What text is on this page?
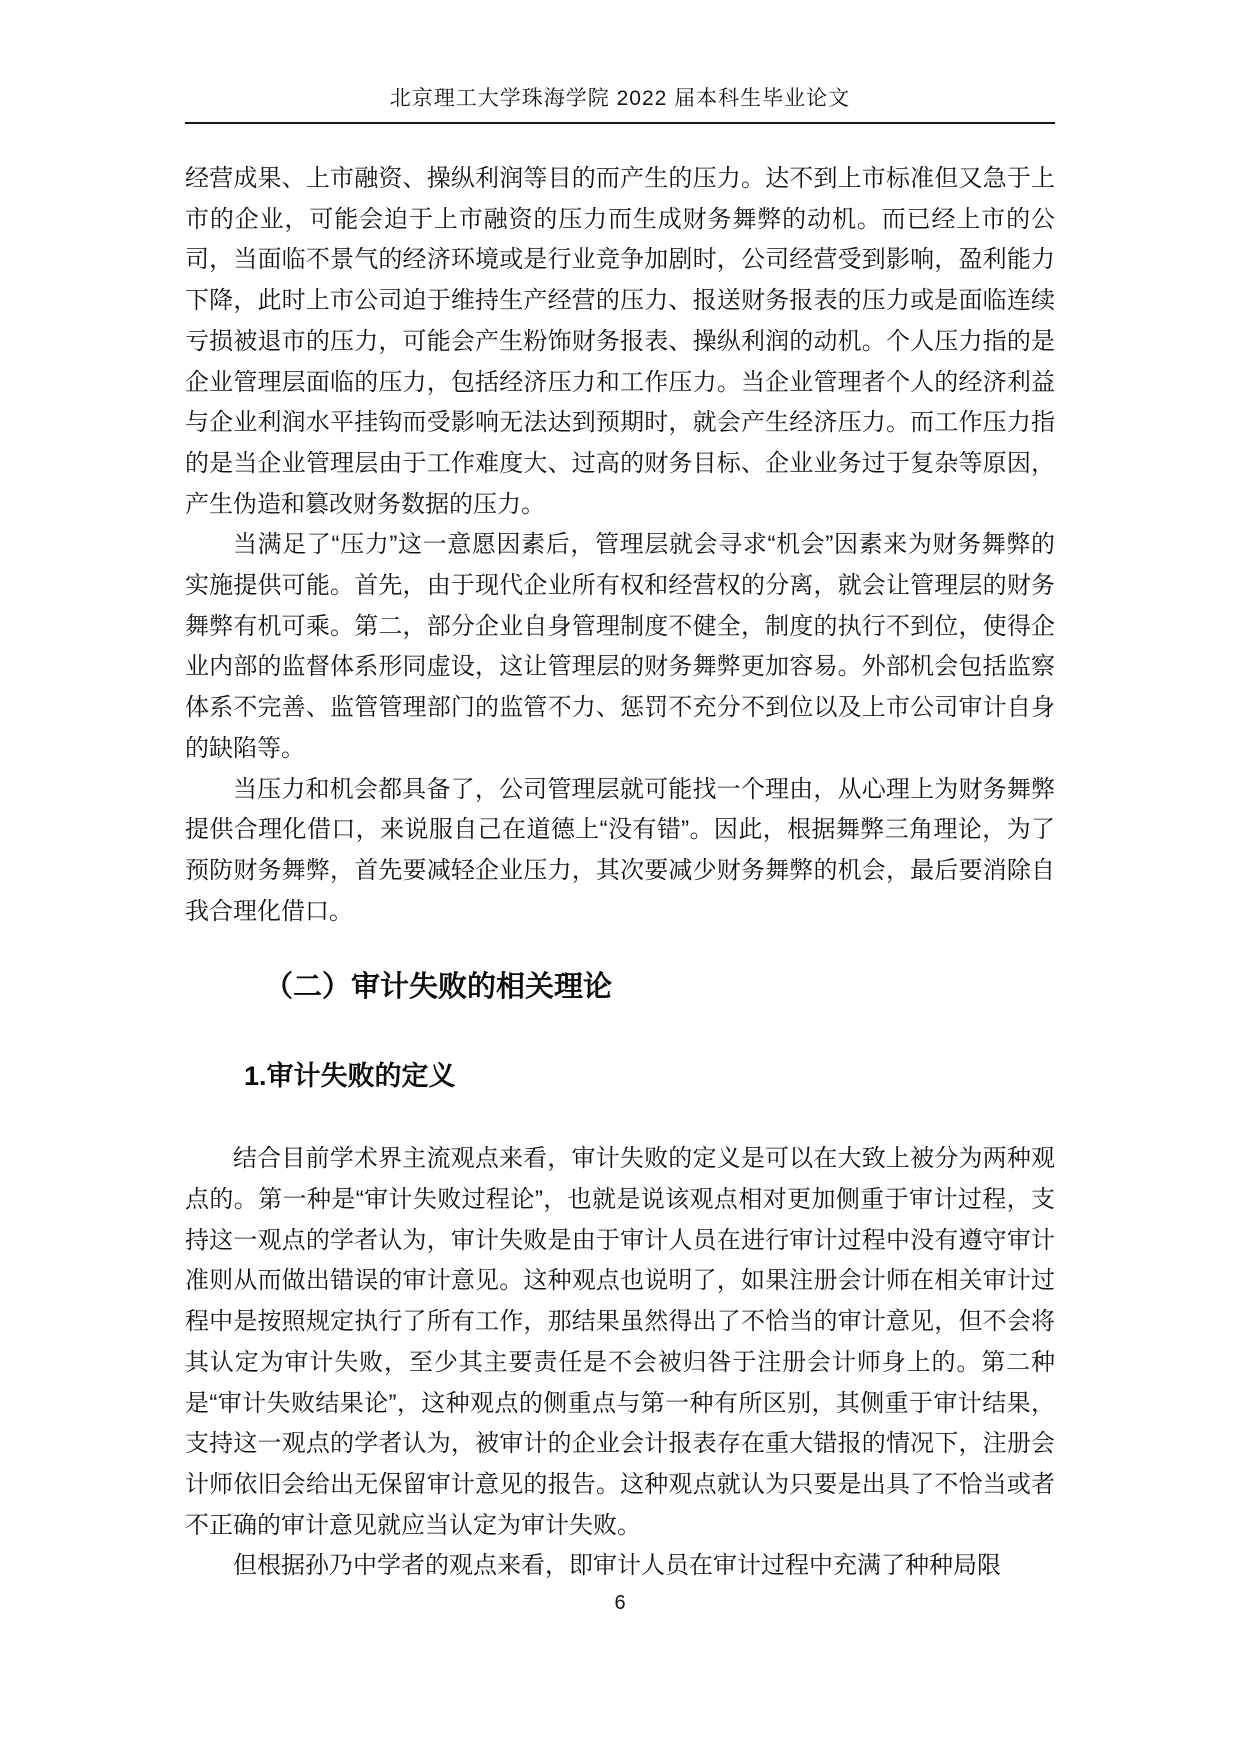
北京理工大学珠海学院 2022 届本科生毕业论文

经营成果、上市融资、操纵利润等目的而产生的压力。达不到上市标准但又急于上市的企业，可能会迫于上市融资的压力而生成财务舞弊的动机。而已经上市的公司，当面临不景气的经济环境或是行业竞争加剧时，公司经营受到影响，盈利能力下降，此时上市公司迫于维持生产经营的压力、报送财务报表的压力或是面临连续亏损被退市的压力，可能会产生粉饰财务报表、操纵利润的动机。个人压力指的是企业管理层面临的压力，包括经济压力和工作压力。当企业管理者个人的经济利益与企业利润水平挂钩而受影响无法达到预期时，就会产生经济压力。而工作压力指的是当企业管理层由于工作难度大、过高的财务目标、企业业务过于复杂等原因，产生伪造和篡改财务数据的压力。

当满足了“压力”这一意愿因素后，管理层就会寻求“机会”因素来为财务舞弊的实施提供可能。首先，由于现代企业所有权和经营权的分离，就会让管理层的财务舞弊有机可乘。第二，部分企业自身管理制度不健全，制度的执行不到位，使得企业内部的监督体系形同虚设，这让管理层的财务舞弊更加容易。外部机会包括监察体系不完善、监管管理部门的监管不力、惩罚不充分不到位以及上市公司审计自身的缺陷等。

当压力和机会都具备了，公司管理层就可能找一个理由，从心理上为财务舞弊提供合理化借口，来说服自己在道德上“没有错”。因此，根据舞弊三角理论，为了预防财务舞弊，首先要减轻企业压力，其次要减少财务舞弊的机会，最后要消除自我合理化借口。

（二）审计失败的相关理论
1.审计失败的定义

结合目前学术界主流观点来看，审计失败的定义是可以在大致上被分为两种观点的。第一种是“审计失败过程论”，也就是说该观点相对更加侧重于审计过程，支持这一观点的学者认为，审计失败是由于审计人员在进行审计过程中没有遵守审计准则从而做出错误的审计意见。这种观点也说明了，如果注册会计师在相关审计过程中是按照规定执行了所有工作，那结果虽然得出了不恰当的审计意见，但不会将其认定为审计失败，至少其主要责任是不会被归咎于注册会计师身上的。第二种是“审计失败结果论”，这种观点的侧重点与第一种有所区别，其侧重于审计结果，支持这一观点的学者认为，被审计的企业会计报表存在重大错报的情况下，注册会计师依旧会给出无保留审计意见的报告。这种观点就认为只要是出具了不恰当或者不正确的审计意见就应当认定为审计失败。

但根据孙乃中学者的观点来看，即审计人员在审计过程中充满了种种局限

6
